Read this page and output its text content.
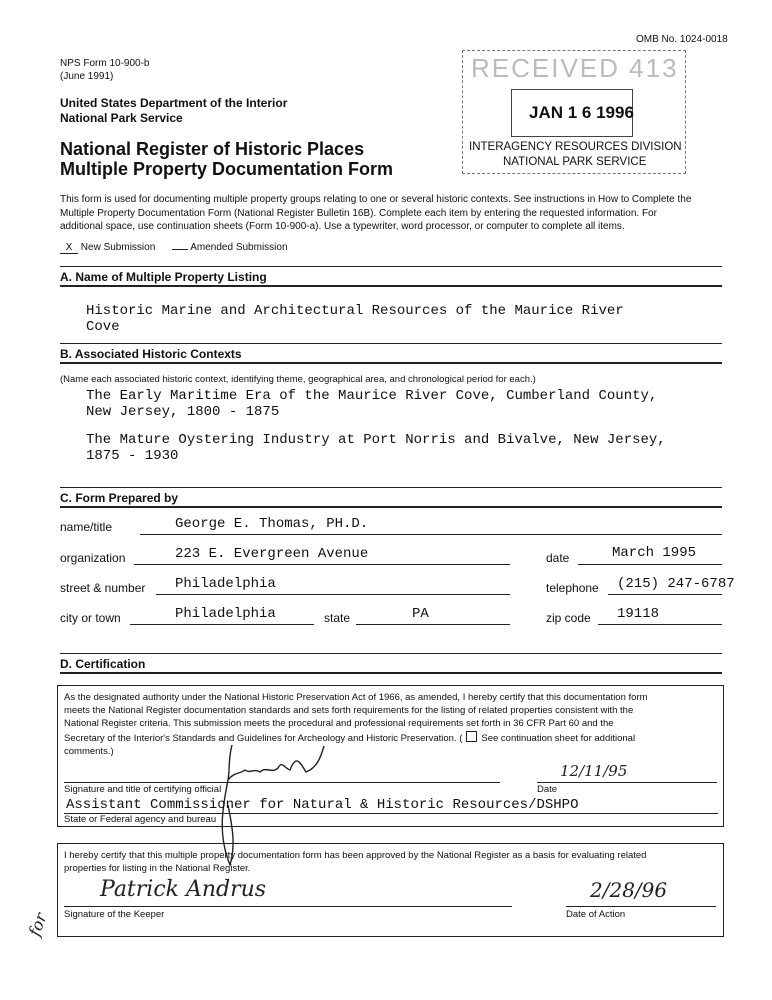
NPS Form 10-900-b
(June 1991)
United States Department of the Interior
National Park Service
National Register of Historic Places
Multiple Property Documentation Form
OMB No. 1024-0018
RECEIVED 413
JAN 1 6 1996
INTERAGENCY RESOURCES DIVISION
NATIONAL PARK SERVICE
This form is used for documenting multiple property groups relating to one or several historic contexts. See instructions in How to Complete the
Multiple Property Documentation Form (National Register Bulletin 16B). Complete each item by entering the requested information. For
additional space, use continuation sheets (Form 10-900-a). Use a typewriter, word processor, or computer to complete all items.
X New Submission	Amended Submission
A. Name of Multiple Property Listing
Historic Marine and Architectural Resources of the Maurice River
Cove
B. Associated Historic Contexts
(Name each associated historic context, identifying theme, geographical area, and chronological period for each.)
The Early Maritime Era of the Maurice River Cove, Cumberland County,
New Jersey, 1800 - 1875
The Mature Oystering Industry at Port Norris and Bivalve, New Jersey,
1875 - 1930
C. Form Prepared by
name/title	George E. Thomas, PH.D.
organization	223 E. Evergreen Avenue	date	March 1995
street & number Philadelphia	telephone (215) 247-6787
city or town	Philadelphia	state	PA	zip code 19118
D. Certification
As the designated authority under the National Historic Preservation Act of 1966, as amended, I hereby certify that this documentation form
meets the National Register documentation standards and sets forth requirements for the listing of related properties consistent with the
National Register criteria. This submission meets the procedural and professional requirements set forth in 36 CFR Part 60 and the
Secretary of the Interior's Standards and Guidelines for Archeology and Historic Preservation. ( See continuation sheet for additional
comments.)
Signature and title of certifying official
12/11/95
Date
Assistant Commissioner for Natural & Historic Resources/DSHPO
State or Federal agency and bureau
I hereby certify that this multiple property documentation form has been approved by the National Register as a basis for evaluating related
properties for listing in the National Register.
Patrick Andrus
Signature of the Keeper
2/28/96
Date of Action
for
